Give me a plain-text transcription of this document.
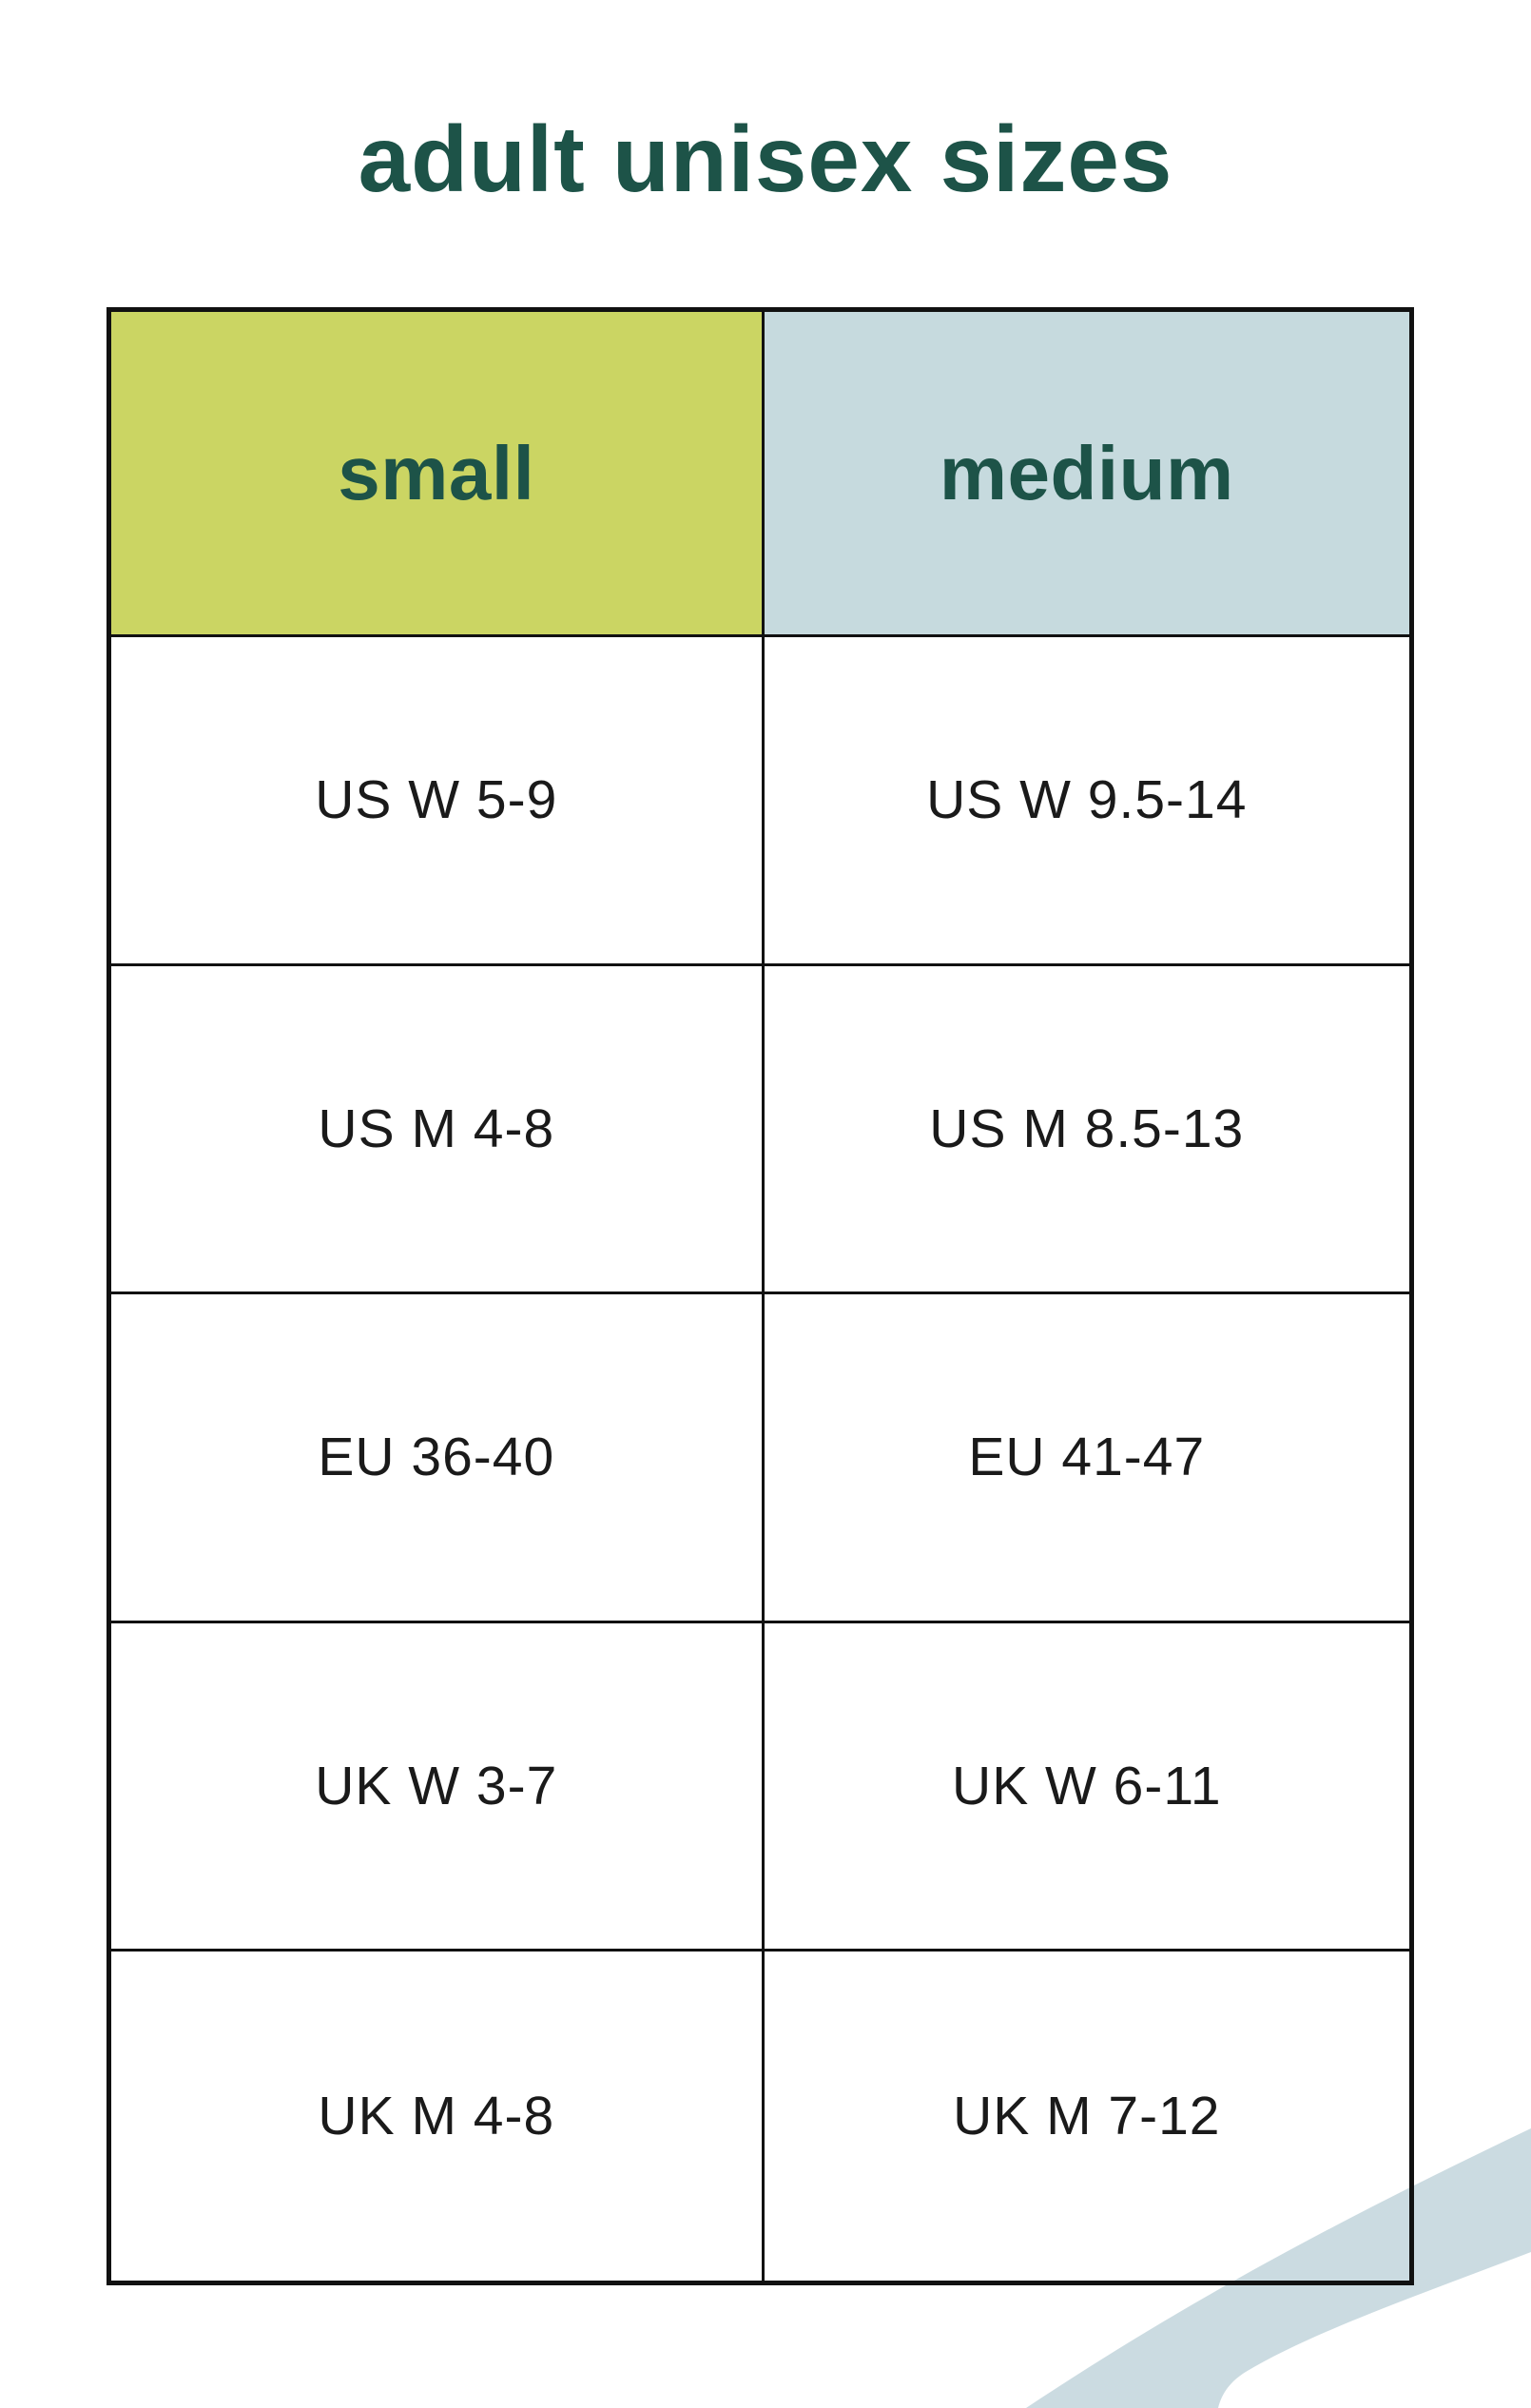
adult unisex sizes
small	medium
US W 5-9	US W 9.5-14
US M 4-8	US M 8.5-13
EU 36-40	EU 41-47
UK W 3-7	UK W 6-11
UK M 4-8	UK M 7-12
